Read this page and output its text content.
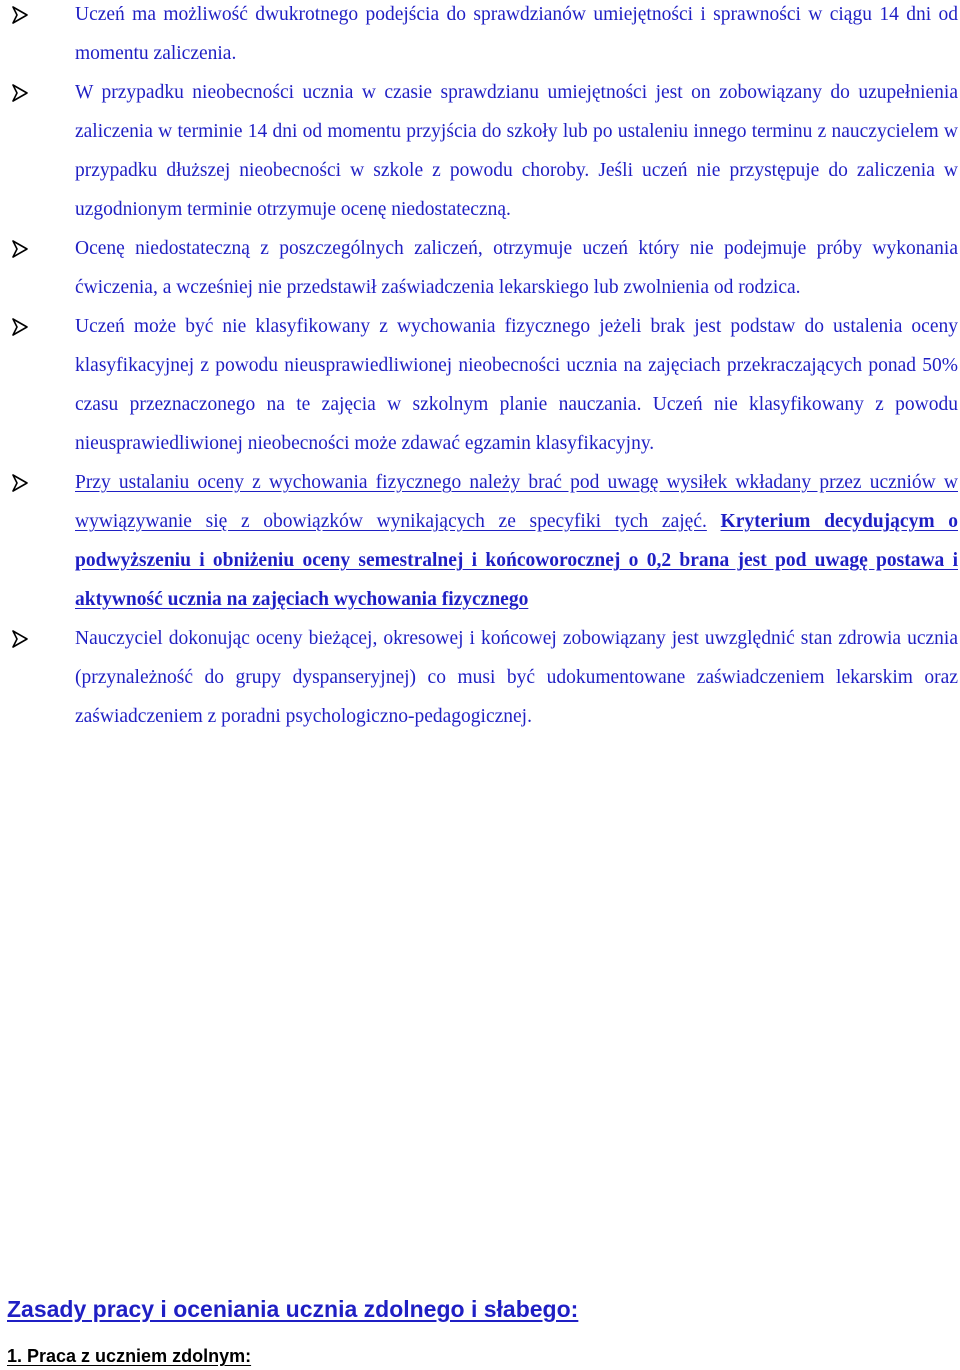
Uczeń ma możliwość dwukrotnego podejścia do sprawdzianów umiejętności i sprawności w ciągu 14 dni od momentu zaliczenia.
W przypadku nieobecności ucznia w czasie sprawdzianu umiejętności jest on zobowiązany do uzupełnienia zaliczenia w terminie 14 dni od momentu przyjścia do szkoły lub po ustaleniu innego terminu z nauczycielem w przypadku dłuższej nieobecności w szkole z powodu choroby. Jeśli uczeń nie przystępuje do zaliczenia w uzgodnionym terminie otrzymuje ocenę niedostateczną.
Ocenę niedostateczną z poszczególnych zaliczeń, otrzymuje uczeń który nie podejmuje próby wykonania ćwiczenia, a wcześniej nie przedstawił zaświadczenia lekarskiego lub zwolnienia od rodzica.
Uczeń może być nie klasyfikowany z wychowania fizycznego jeżeli brak jest podstaw do ustalenia oceny klasyfikacyjnej z powodu nieusprawiedliwionej nieobecności ucznia na zajęciach przekraczających ponad 50% czasu przeznaczonego na te zajęcia w szkolnym planie nauczania. Uczeń nie klasyfikowany z powodu nieusprawiedliwionej nieobecności może zdawać egzamin klasyfikacyjny.
Przy ustalaniu oceny z wychowania fizycznego należy brać pod uwagę wysiłek wkładany przez uczniów w wywiązywanie się z obowiązków wynikających ze specyfiki tych zajęć. Kryterium decydującym o podwyższeniu i obniżeniu oceny semestralnej i końcoworocznej o 0,2 brana jest pod uwagę postawa i aktywność ucznia na zajęciach wychowania fizycznego
Nauczyciel dokonując oceny bieżącej, okresowej i końcowej zobowiązany jest uwzględnić stan zdrowia ucznia (przynależność do grupy dyspanseryjnej) co musi być udokumentowane zaświadczeniem lekarskim oraz zaświadczeniem z poradni psychologiczno-pedagogicznej.
Zasady pracy i oceniania ucznia zdolnego i słabego:
1. Praca z uczniem zdolnym:
